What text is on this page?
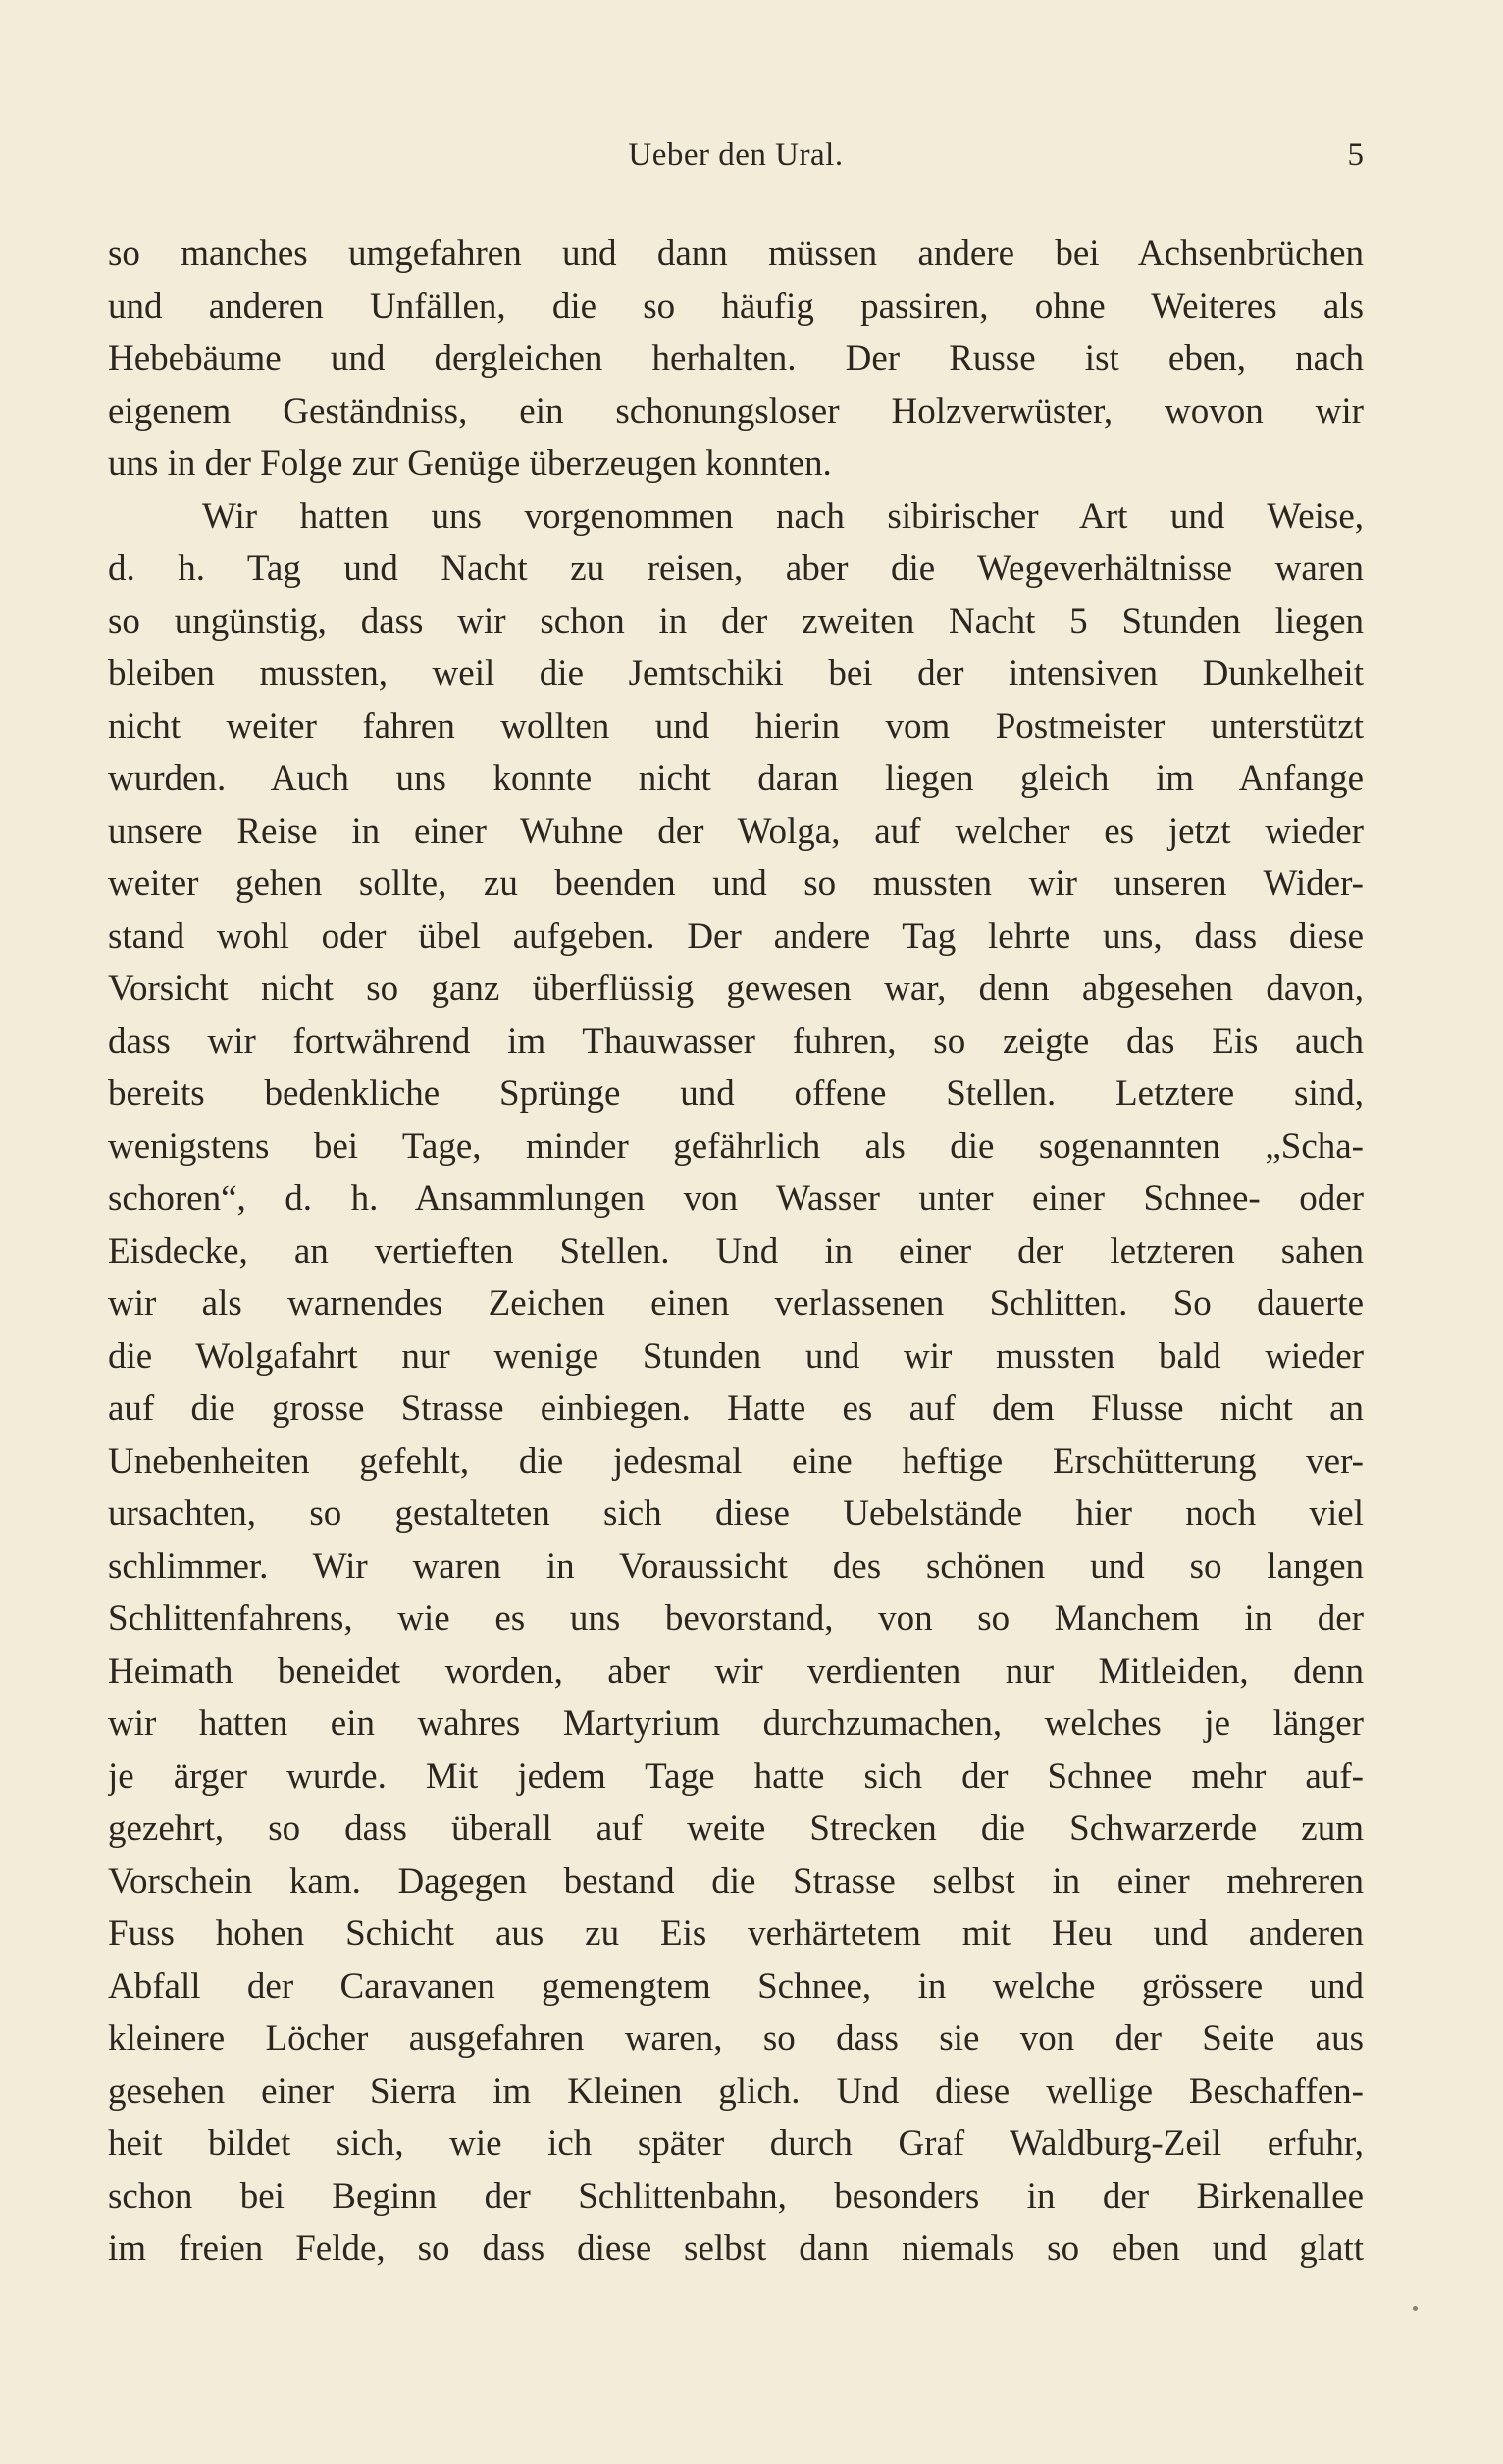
Ueber den Ural.	5
so manches umgefahren und dann müssen andere bei Achsenbrüchen
und anderen Unfällen, die so häufig passiren, ohne Weiteres als
Hebebäume und dergleichen herhalten. Der Russe ist eben, nach
eigenem Geständniss, ein schonungsloser Holzverwüster, wovon wir
uns in der Folge zur Genüge überzeugen konnten.
Wir hatten uns vorgenommen nach sibirischer Art und Weise,
d. h. Tag und Nacht zu reisen, aber die Wegeverhältnisse waren
so ungünstig, dass wir schon in der zweiten Nacht 5 Stunden liegen
bleiben mussten, weil die Jemtschiki bei der intensiven Dunkelheit
nicht weiter fahren wollten und hierin vom Postmeister unterstützt
wurden. Auch uns konnte nicht daran liegen gleich im Anfange
unsere Reise in einer Wuhne der Wolga, auf welcher es jetzt wieder
weiter gehen sollte, zu beenden und so mussten wir unseren Wider-
stand wohl oder übel aufgeben. Der andere Tag lehrte uns, dass diese
Vorsicht nicht so ganz überflüssig gewesen war, denn abgesehen davon,
dass wir fortwährend im Thauwasser fuhren, so zeigte das Eis auch
bereits bedenkliche Sprünge und offene Stellen. Letztere sind,
wenigstens bei Tage, minder gefährlich als die sogenannten „Scha-
schoren“, d. h. Ansammlungen von Wasser unter einer Schnee- oder
Eisdecke, an vertieften Stellen. Und in einer der letzteren sahen
wir als warnendes Zeichen einen verlassenen Schlitten. So dauerte
die Wolgafahrt nur wenige Stunden und wir mussten bald wieder
auf die grosse Strasse einbiegen. Hatte es auf dem Flusse nicht an
Unebenheiten gefehlt, die jedesmal eine heftige Erschütterung ver-
ursachten, so gestalteten sich diese Uebelstände hier noch viel
schlimmer. Wir waren in Voraussicht des schönen und so langen
Schlittenfahrens, wie es uns bevorstand, von so Manchem in der
Heimath beneidet worden, aber wir verdienten nur Mitleiden, denn
wir hatten ein wahres Martyrium durchzumachen, welches je länger
je ärger wurde. Mit jedem Tage hatte sich der Schnee mehr auf-
gezehrt, so dass überall auf weite Strecken die Schwarzerde zum
Vorschein kam. Dagegen bestand die Strasse selbst in einer mehreren
Fuss hohen Schicht aus zu Eis verhärtetem mit Heu und anderen
Abfall der Caravanen gemengtem Schnee, in welche grössere und
kleinere Löcher ausgefahren waren, so dass sie von der Seite aus
gesehen einer Sierra im Kleinen glich. Und diese wellige Beschaffen-
heit bildet sich, wie ich später durch Graf Waldburg-Zeil erfuhr,
schon bei Beginn der Schlittenbahn, besonders in der Birkenallee
im freien Felde, so dass diese selbst dann niemals so eben und glatt
